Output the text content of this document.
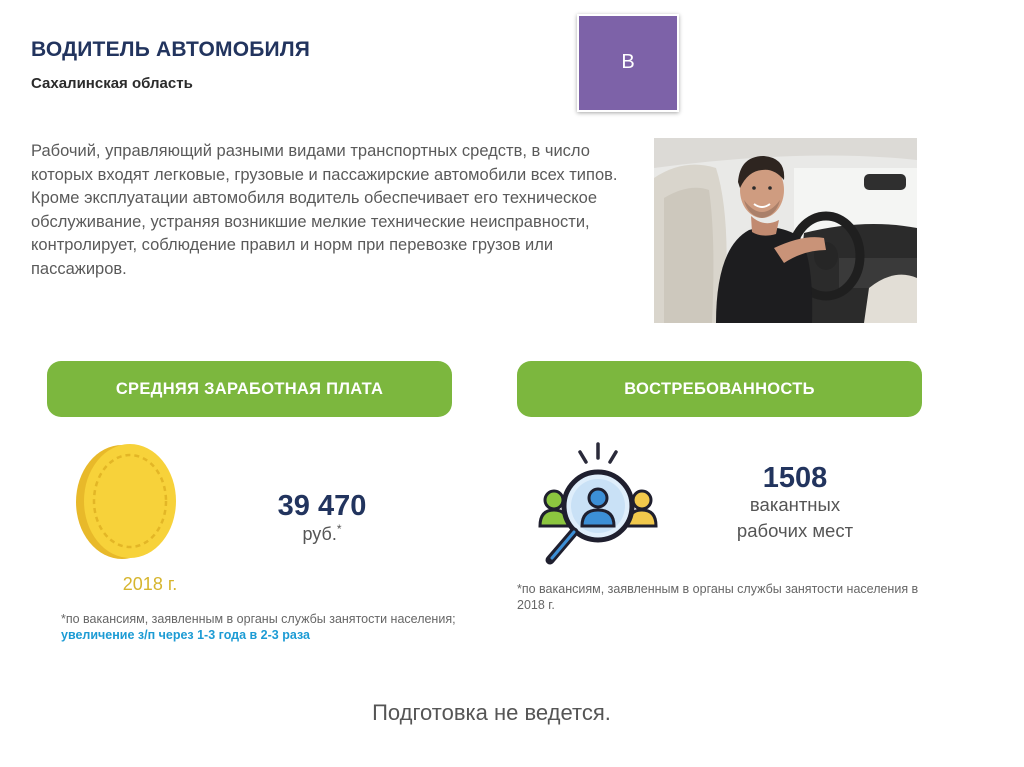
ВОДИТЕЛЬ АВТОМОБИЛЯ
Сахалинская область
В
Рабочий, управляющий разными видами транспортных средств, в число которых входят легковые, грузовые и пассажирские автомобили всех типов. Кроме эксплуатации автомобиля водитель обеспечивает его техническое обслуживание, устраняя возникшие мелкие технические неисправности, контролирует, соблюдение правил и норм при перевозке грузов или пассажиров.
СРЕДНЯЯ ЗАРАБОТНАЯ ПЛАТА	ВОСТРЕБОВАННОСТЬ
39 470
руб.*
2018 г.
*по вакансиям, заявленным в органы службы занятости населения;
увеличение з/п через 1-3 года в 2-3 раза
1508
вакантных
рабочих мест
*по вакансиям, заявленным в органы службы занятости населения в 2018 г.
Подготовка не ведется.
